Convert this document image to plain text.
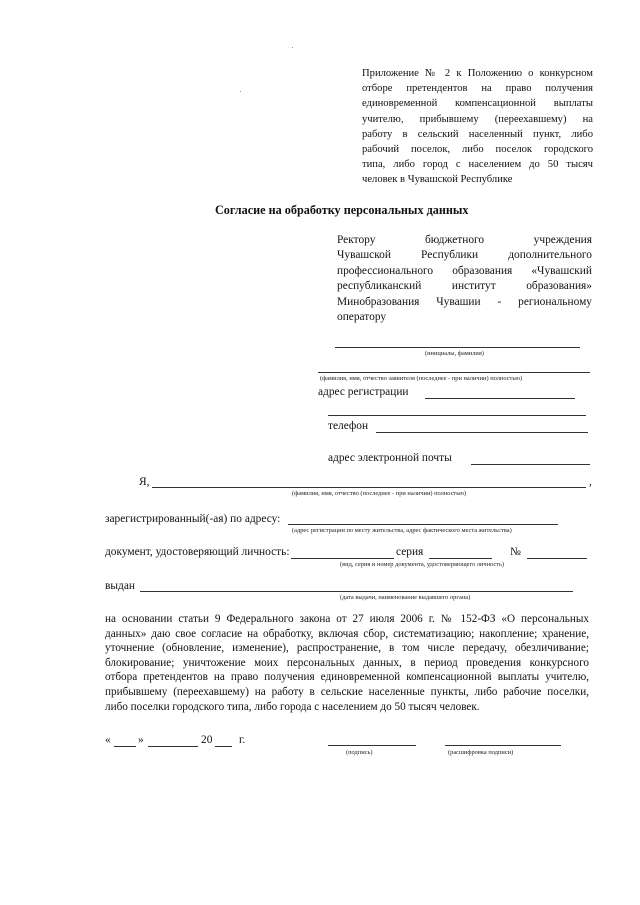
Приложение № 2 к Положению о конкурсном
отборе претендентов на право получения
единовременной компенсационной выплаты
учителю, прибывшему (переехавшему) на
работу в сельский населенный пункт, либо
рабочий поселок, либо поселок городского
типа, либо город с населением до 50 тысяч
человек в Чувашской Республике
Согласие на обработку персональных данных
Ректору бюджетного учреждения
Чувашской Республики дополнительного
профессионального образования «Чувашский
республиканский институт образования»
Минобразования Чувашии - региональному
оператору
(инициалы, фамилия)
(фамилия, имя, отчество заявителя (последнее - при наличии) полностью)
адрес регистрации
телефон
адрес электронной почты
Я,	,
(фамилия, имя, отчество (последнее - при наличии) полностью)
зарегистрированный(-ая) по адресу:
(адрес регистрации по месту жительства, адрес фактического места жительства)
документ, удостоверяющий личность:	серия	№
(вид, серия и номер документа, удостоверяющего личность)
выдан
(дата выдачи, наименование выдавшего органа)
на основании статьи 9 Федерального закона от 27 июля 2006 г. № 152-ФЗ «О персональных
данных» даю свое согласие на обработку, включая сбор, систематизацию; накопление; хранение,
уточнение (обновление, изменение), распространение, в том числе передачу, обезличивание;
блокирование; уничтожение моих персональных данных, в период проведения конкурсного
отбора претендентов на право получения единовременной компенсационной выплаты учителю,
прибывшему (переехавшему) на работу в сельские населенные пункты, либо рабочие поселки,
либо поселки городского типа, либо города с населением до 50 тысяч человек.
« »	20 г.
(подпись)	(расшифровка подписи)
